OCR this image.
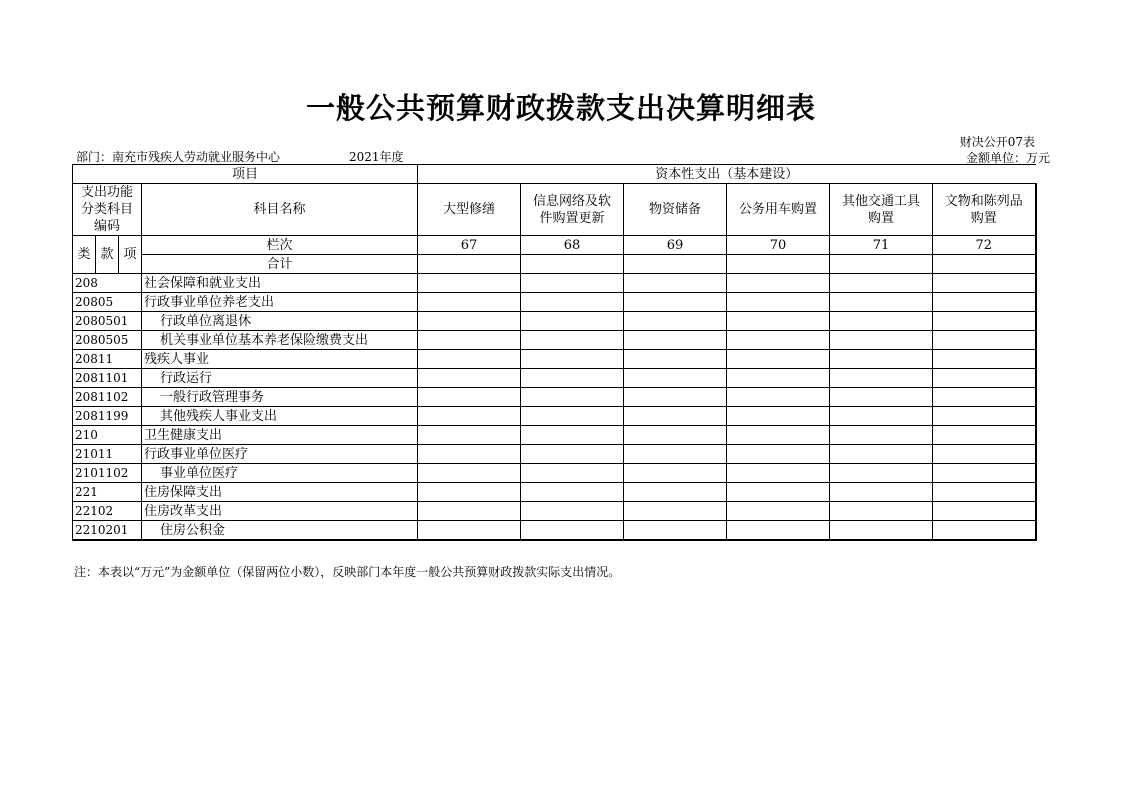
一般公共预算财政拨款支出决算明细表
财决公开07表
部门：南充市残疾人劳动就业服务中心	2021年度	金额单位：万元
项目				资本性支出（基本建设）					
支出功能分类科目编码			科目名称	大型修缮	信息网络及软件购置更新	物资储备	公务用车购置	其他交通工具购置	文物和陈列品购置
类	款	项	栏次	67	68	69	70	71	72
			合计						
208			社会保障和就业支出						
20805			行政事业单位养老支出						
2080501			行政单位离退休						
2080505			机关事业单位基本养老保险缴费支出						
20811			残疾人事业						
2081101			行政运行						
2081102			一般行政管理事务						
2081199			其他残疾人事业支出						
210			卫生健康支出						
21011			行政事业单位医疗						
2101102			事业单位医疗						
221			住房保障支出						
22102			住房改革支出						
2210201			住房公积金						
注：本表以“万元”为金额单位（保留两位小数），反映部门本年度一般公共预算财政拨款实际支出情况。
